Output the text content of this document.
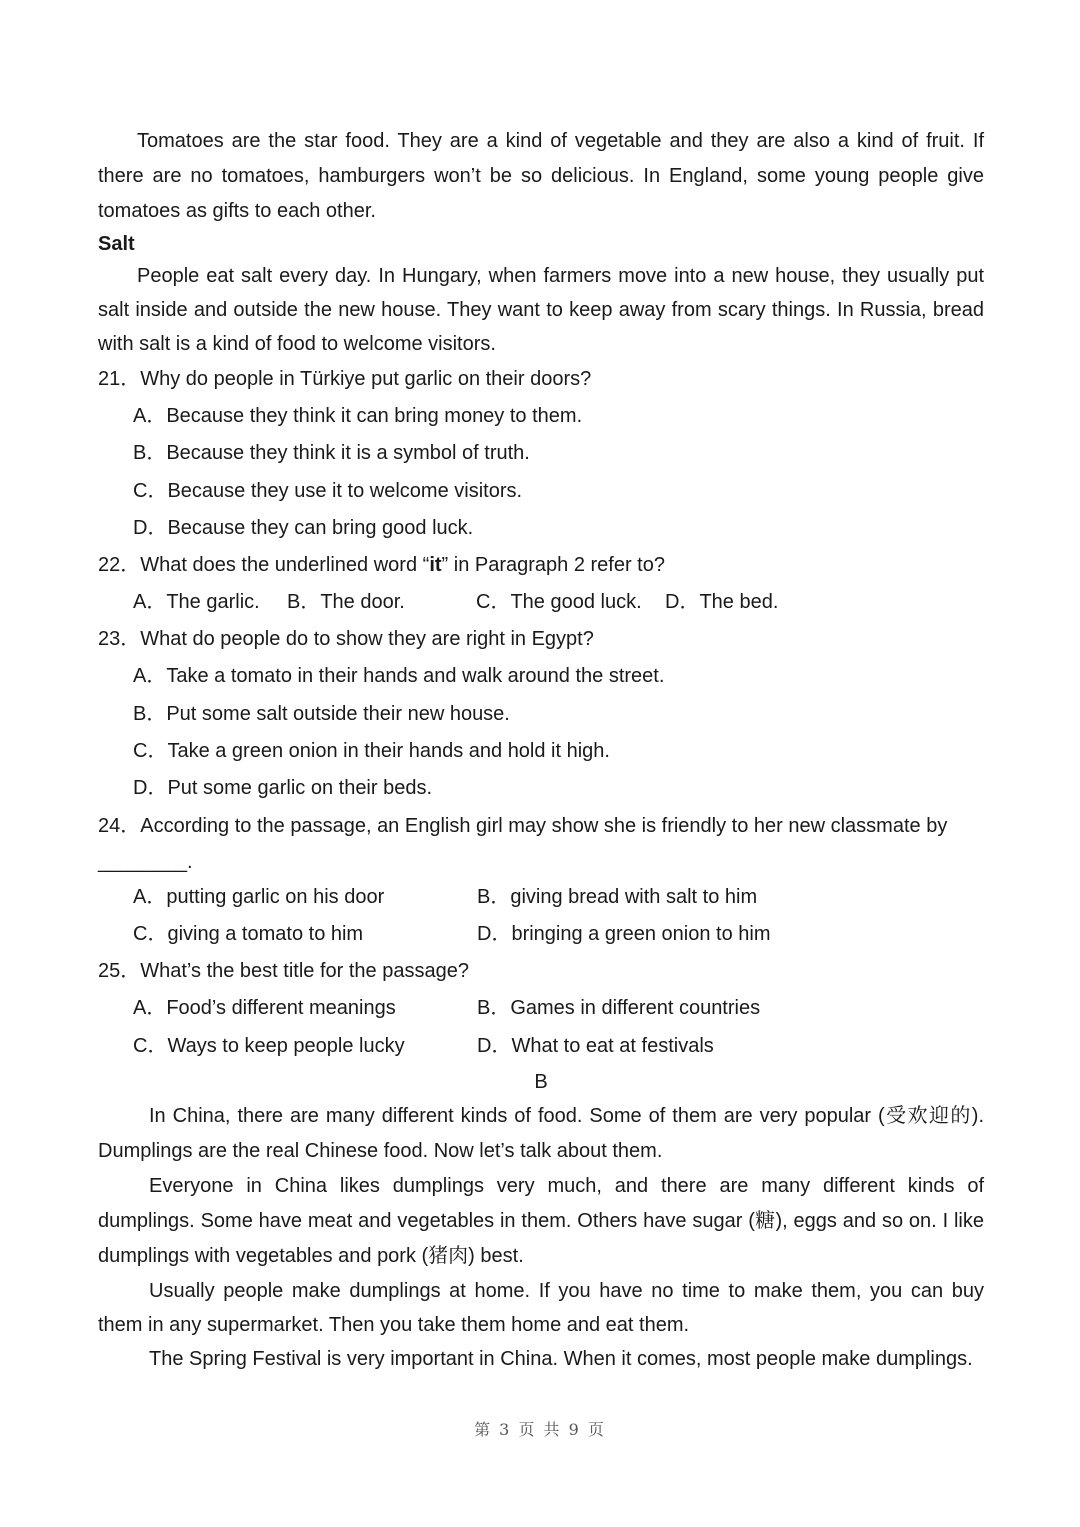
Tomatoes are the star food. They are a kind of vegetable and they are also a kind of fruit. If there are no tomatoes, hamburgers won’t be so delicious. In England, some young people give tomatoes as gifts to each other.

Salt

People eat salt every day. In Hungary, when farmers move into a new house, they usually put salt inside and outside the new house. They want to keep away from scary things. In Russia, bread with salt is a kind of food to welcome visitors.

21．Why do people in Türkiye put garlic on their doors?

A．Because they think it can bring money to them.

B．Because they think it is a symbol of truth.

C．Because they use it to welcome visitors.

D．Because they can bring good luck.

22．What does the underlined word “it” in Paragraph 2 refer to?

A．The garlic.	B．The door.	C．The good luck.	D．The bed.

23．What do people do to show they are right in Egypt?

A．Take a tomato in their hands and walk around the street.

B．Put some salt outside their new house.

C．Take a green onion in their hands and hold it high.

D．Put some garlic on their beds.

24．According to the passage, an English girl may show she is friendly to her new classmate by

________.

A．putting garlic on his door	B．giving bread with salt to him
C．giving a tomato to him	D．bringing a green onion to him

25．What’s the best title for the passage?

A．Food’s different meanings	B．Games in different countries
C．Ways to keep people lucky	D．What to eat at festivals

B

In China, there are many different kinds of food. Some of them are very popular (受欢迎的). Dumplings are the real Chinese food. Now let’s talk about them.

Everyone in China likes dumplings very much, and there are many different kinds of dumplings. Some have meat and vegetables in them. Others have sugar (糖), eggs and so on. I like dumplings with vegetables and pork (猪肉) best.

Usually people make dumplings at home. If you have no time to make them, you can buy them in any supermarket. Then you take them home and eat them.

The Spring Festival is very important in China. When it comes, most people make dumplings.

第 3 页 共 9 页
